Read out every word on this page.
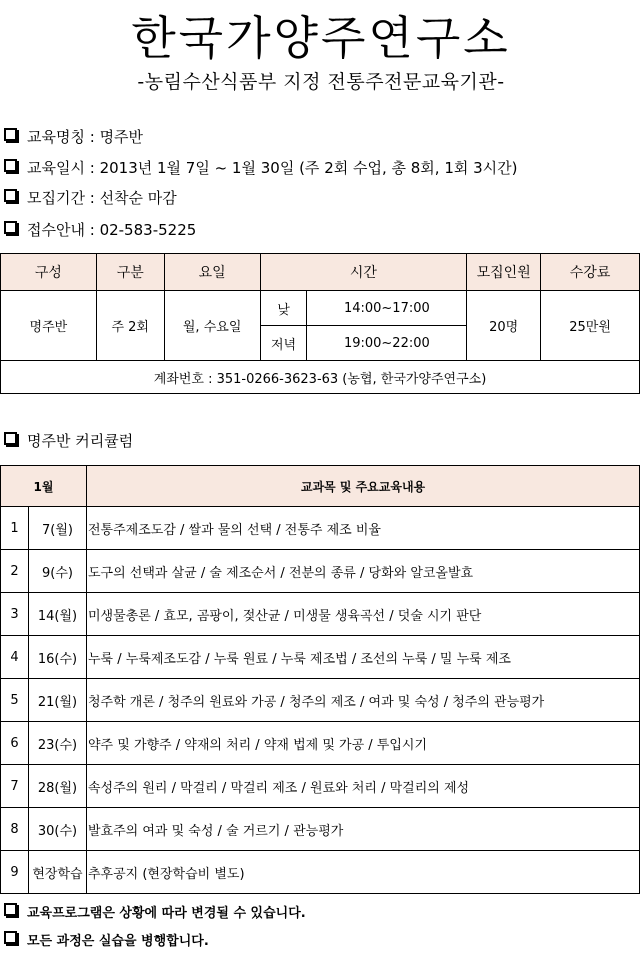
한국가양주연구소
-농림수산식품부 지정 전통주전문교육기관-
교육명칭 : 명주반
교육일시 : 2013년 1월 7일 ~ 1월 30일 (주 2회 수업, 총 8회, 1회 3시간)
모집기간 : 선착순 마감
접수안내 : 02-583-5225
구성	구분	요일	시간		모집인원	수강료
명주반	주 2회	월, 수요일	낮	14:00~17:00	20명	25만원
			저녁	19:00~22:00		
계좌번호 : 351-0266-3623-63 (농협, 한국가양주연구소)						
명주반 커리큘럼
1월		교과목 및 주요교육내용
1	7(월)	전통주제조도감 / 쌀과 물의 선택 / 전통주 제조 비율
2	9(수)	도구의 선택과 살균 / 술 제조순서 / 전분의 종류 / 당화와 알코올발효
3	14(월)	미생물총론 / 효모, 곰팡이, 젖산균 / 미생물 생육곡선 / 덧술 시기 판단
4	16(수)	누룩 / 누룩제조도감 / 누룩 원료 / 누룩 제조법 / 조선의 누룩 / 밀 누룩 제조
5	21(월)	청주학 개론 / 청주의 원료와 가공 / 청주의 제조 / 여과 및 숙성 / 청주의 관능평가
6	23(수)	약주 및 가향주 / 약재의 처리 / 약재 법제 및 가공 / 투입시기
7	28(월)	속성주의 원리 / 막걸리 / 막걸리 제조 / 원료와 처리 / 막걸리의 제성
8	30(수)	발효주의 여과 및 숙성 / 술 거르기 / 관능평가
9	현장학습	추후공지 (현장학습비 별도)
교육프로그램은 상황에 따라 변경될 수 있습니다.
모든 과정은 실습을 병행합니다.
